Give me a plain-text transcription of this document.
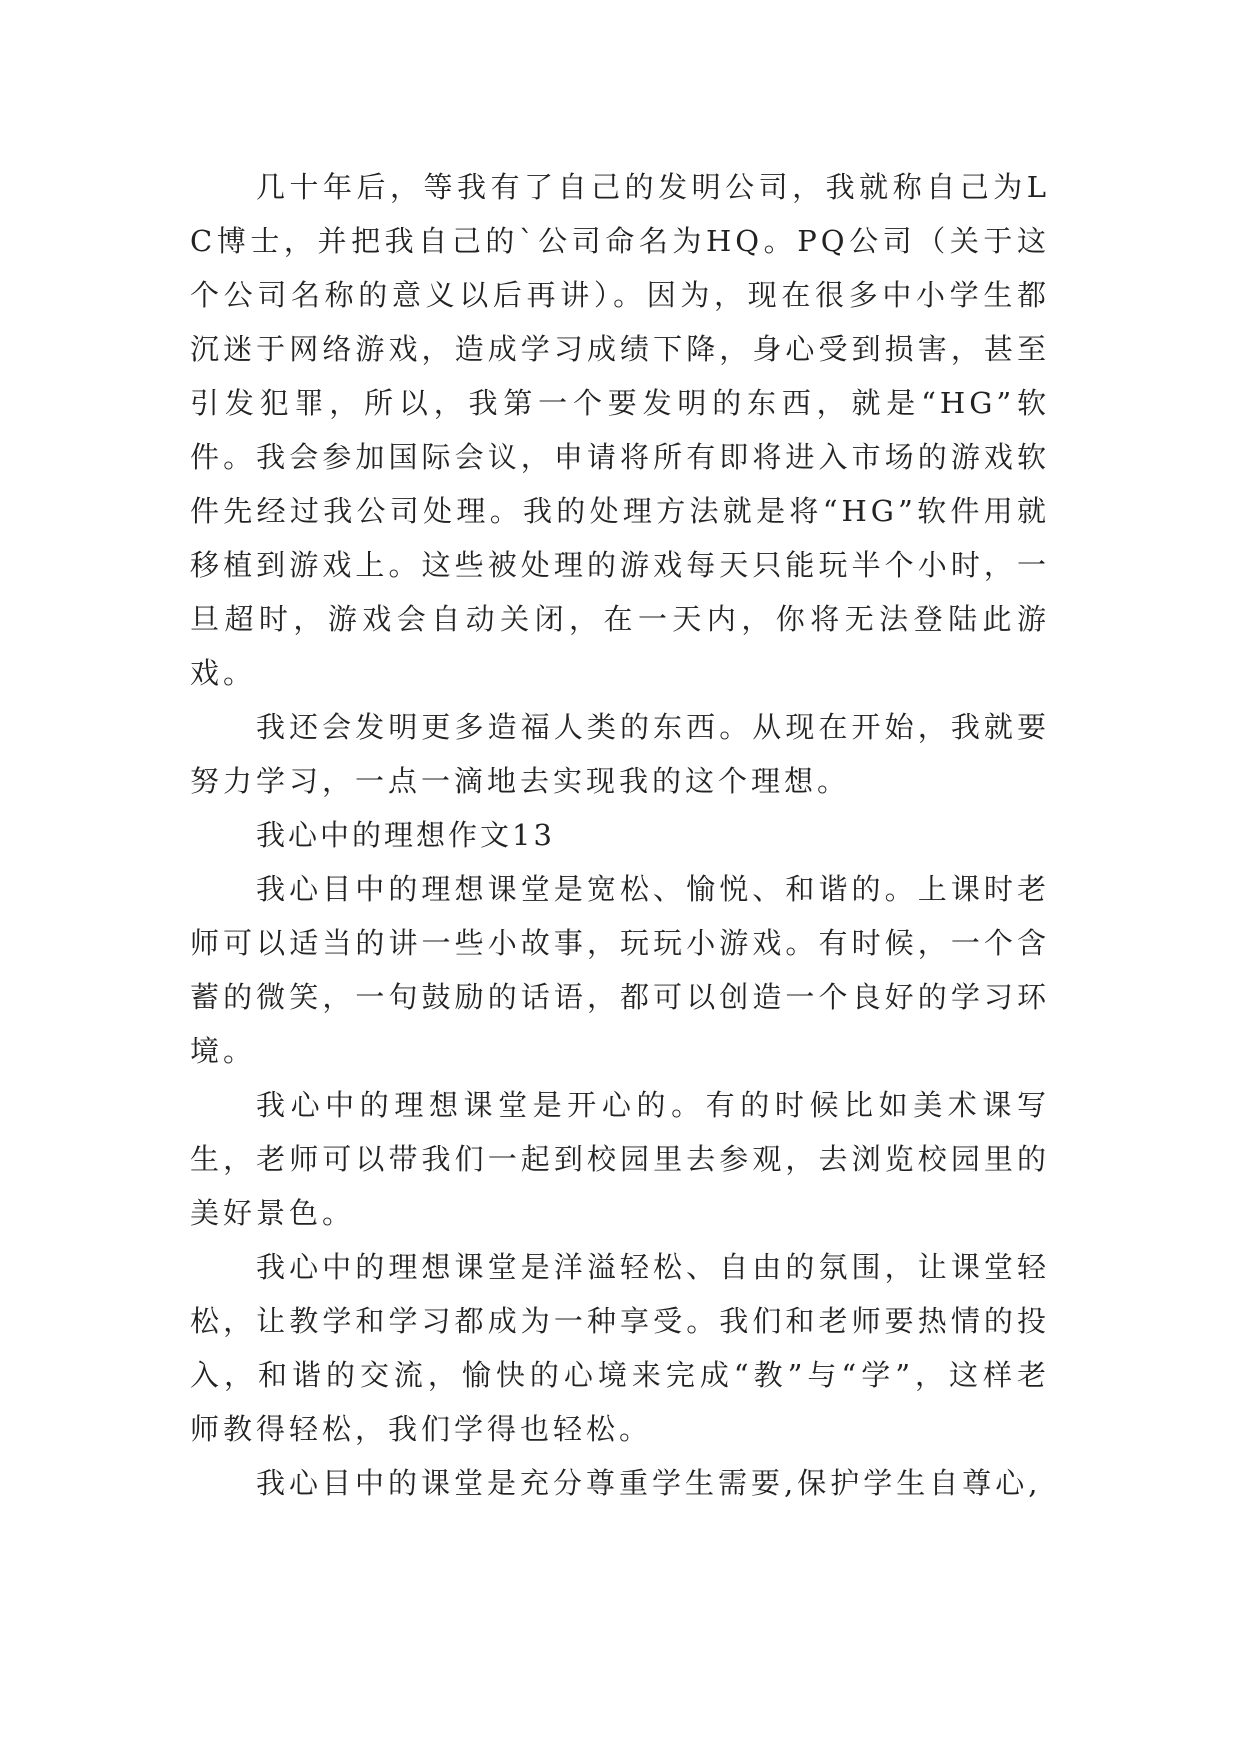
几十年后，等我有了自己的发明公司，我就称自己为LC博士，并把我自己的`公司命名为HQ。PQ公司（关于这个公司名称的意义以后再讲）。因为，现在很多中小学生都沉迷于网络游戏，造成学习成绩下降，身心受到损害，甚至引发犯罪，所以，我第一个要发明的东西，就是“HG”软件。我会参加国际会议，申请将所有即将进入市场的游戏软件先经过我公司处理。我的处理方法就是将“HG”软件用就移植到游戏上。这些被处理的游戏每天只能玩半个小时，一旦超时，游戏会自动关闭，在一天内，你将无法登陆此游戏。

我还会发明更多造福人类的东西。从现在开始，我就要努力学习，一点一滴地去实现我的这个理想。

我心中的理想作文13

我心目中的理想课堂是宽松、愉悦、和谐的。上课时老师可以适当的讲一些小故事，玩玩小游戏。有时候，一个含蓄的微笑，一句鼓励的话语，都可以创造一个良好的学习环境。

我心中的理想课堂是开心的。有的时候比如美术课写生，老师可以带我们一起到校园里去参观，去浏览校园里的美好景色。

我心中的理想课堂是洋溢轻松、自由的氛围，让课堂轻松，让教学和学习都成为一种享受。我们和老师要热情的投入，和谐的交流，愉快的心境来完成“教”与“学”，这样老师教得轻松，我们学得也轻松。

我心目中的课堂是充分尊重学生需要,保护学生自尊心,
